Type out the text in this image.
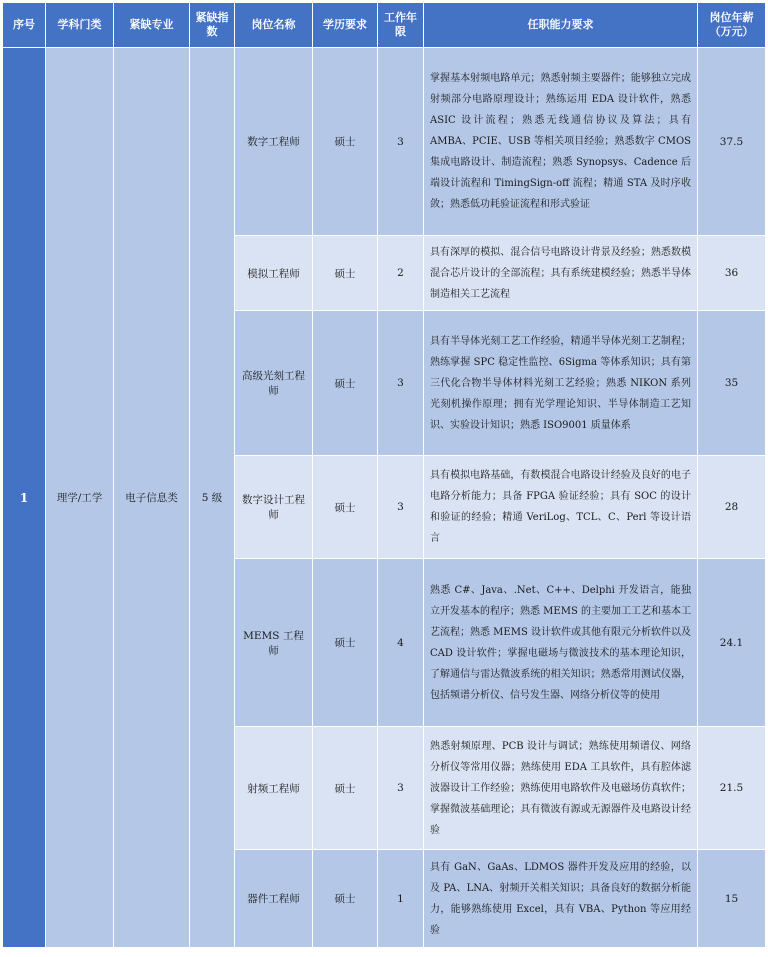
序号	学科门类	紧缺专业	紧缺指数	岗位名称	学历要求	工作年限	任职能力要求	岗位年薪（万元）
1	理学/工学	电子信息类	5 级	数字工程师	硕士	3	掌握基本射频电路单元；熟悉射频主要器件；能够独立完成射频部分电路原理设计；熟练运用 EDA 设计软件，熟悉 ASIC 设计流程；熟悉无线通信协议及算法；具有 AMBA、PCIE、USB 等相关项目经验；熟悉数字 CMOS 集成电路设计、制造流程；熟悉 Synopsys、Cadence 后端设计流程和 TimingSign-off 流程；精通 STA 及时序收敛；熟悉低功耗验证流程和形式验证	37.5
				模拟工程师	硕士	2	具有深厚的模拟、混合信号电路设计背景及经验；熟悉数模混合芯片设计的全部流程；具有系统建模经验；熟悉半导体制造相关工艺流程	36
				高级光刻工程师	硕士	3	具有半导体光刻工艺工作经验，精通半导体光刻工艺制程；熟练掌握 SPC 稳定性监控、6Sigma 等体系知识；具有第三代化合物半导体材料光刻工艺经验；熟悉 NIKON 系列光刻机操作原理；拥有光学理论知识、半导体制造工艺知识、实验设计知识；熟悉 ISO9001 质量体系	35
				数字设计工程师	硕士	3	具有模拟电路基础，有数模混合电路设计经验及良好的电子电路分析能力；具备 FPGA 验证经验；具有 SOC 的设计和验证的经验；精通 VeriLog、TCL、C、Perl 等设计语言	28
				MEMS 工程师	硕士	4	熟悉 C#、Java、.Net、C++、Delphi 开发语言，能独立开发基本的程序；熟悉 MEMS 的主要加工工艺和基本工艺流程；熟悉 MEMS 设计软件或其他有限元分析软件以及 CAD 设计软件；掌握电磁场与微波技术的基本理论知识，了解通信与雷达微波系统的相关知识；熟悉常用测试仪器，包括频谱分析仪、信号发生器、网络分析仪等的使用	24.1
				射频工程师	硕士	3	熟悉射频原理、PCB 设计与调试；熟练使用频谱仪、网络分析仪等常用仪器；熟练使用 EDA 工具软件，具有腔体滤波器设计工作经验；熟练使用电路软件及电磁场仿真软件；掌握微波基础理论；具有微波有源或无源器件及电路设计经验	21.5
				器件工程师	硕士	1	具有 GaN、GaAs、LDMOS 器件开发及应用的经验，以及 PA、LNA、射频开关相关知识；具备良好的数据分析能力，能够熟练使用 Excel，具有 VBA、Python 等应用经验	15
